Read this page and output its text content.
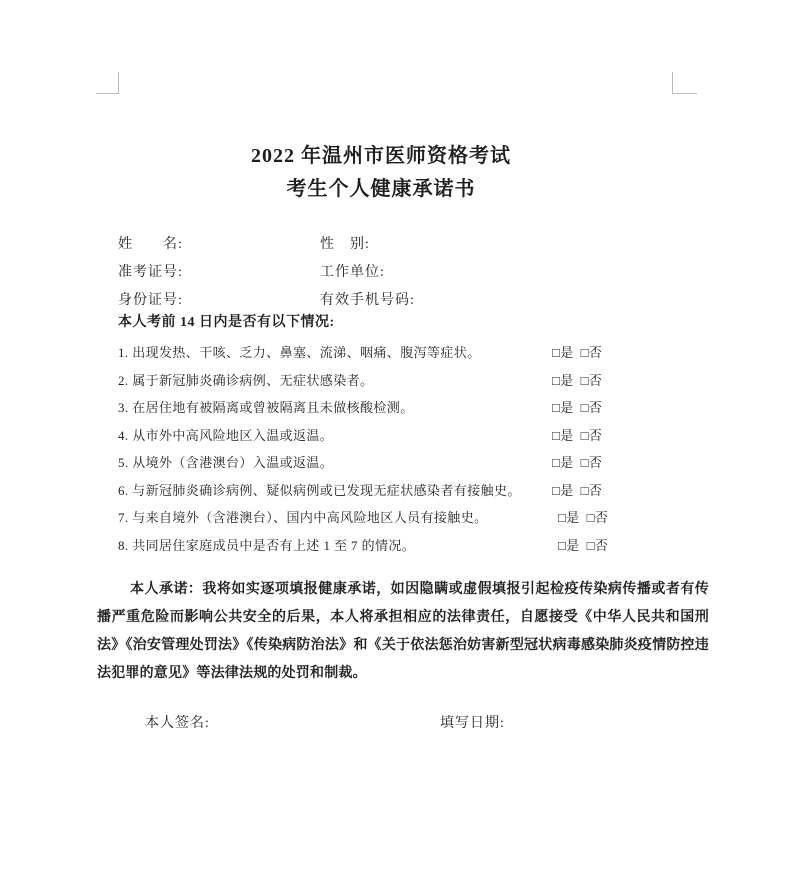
2022 年温州市医师资格考试
考生个人健康承诺书
姓　　名:	性　别:
准考证号:	工作单位:
身份证号:	有效手机号码:
本人考前 14 日内是否有以下情况:
1. 出现发热、干咳、乏力、鼻塞、流涕、咽痛、腹泻等症状。	□是 □否
2. 属于新冠肺炎确诊病例、无症状感染者。	□是 □否
3. 在居住地有被隔离或曾被隔离且未做核酸检测。	□是 □否
4. 从市外中高风险地区入温或返温。	□是 □否
5. 从境外（含港澳台）入温或返温。	□是 □否
6. 与新冠肺炎确诊病例、疑似病例或已发现无症状感染者有接触史。 □是 □否
7. 与来自境外（含港澳台）、国内中高风险地区人员有接触史。	□是 □否
8. 共同居住家庭成员中是否有上述 1 至 7 的情况。	□是 □否
本人承诺：我将如实逐项填报健康承诺，如因隐瞒或虚假填报引起检疫传染病传播或者有传播严重危险而影响公共安全的后果，本人将承担相应的法律责任，自愿接受《中华人民共和国刑法》《治安管理处罚法》《传染病防治法》和《关于依法惩治妨害新型冠状病毒感染肺炎疫情防控违法犯罪的意见》等法律法规的处罚和制裁。
本人签名:	填写日期:
